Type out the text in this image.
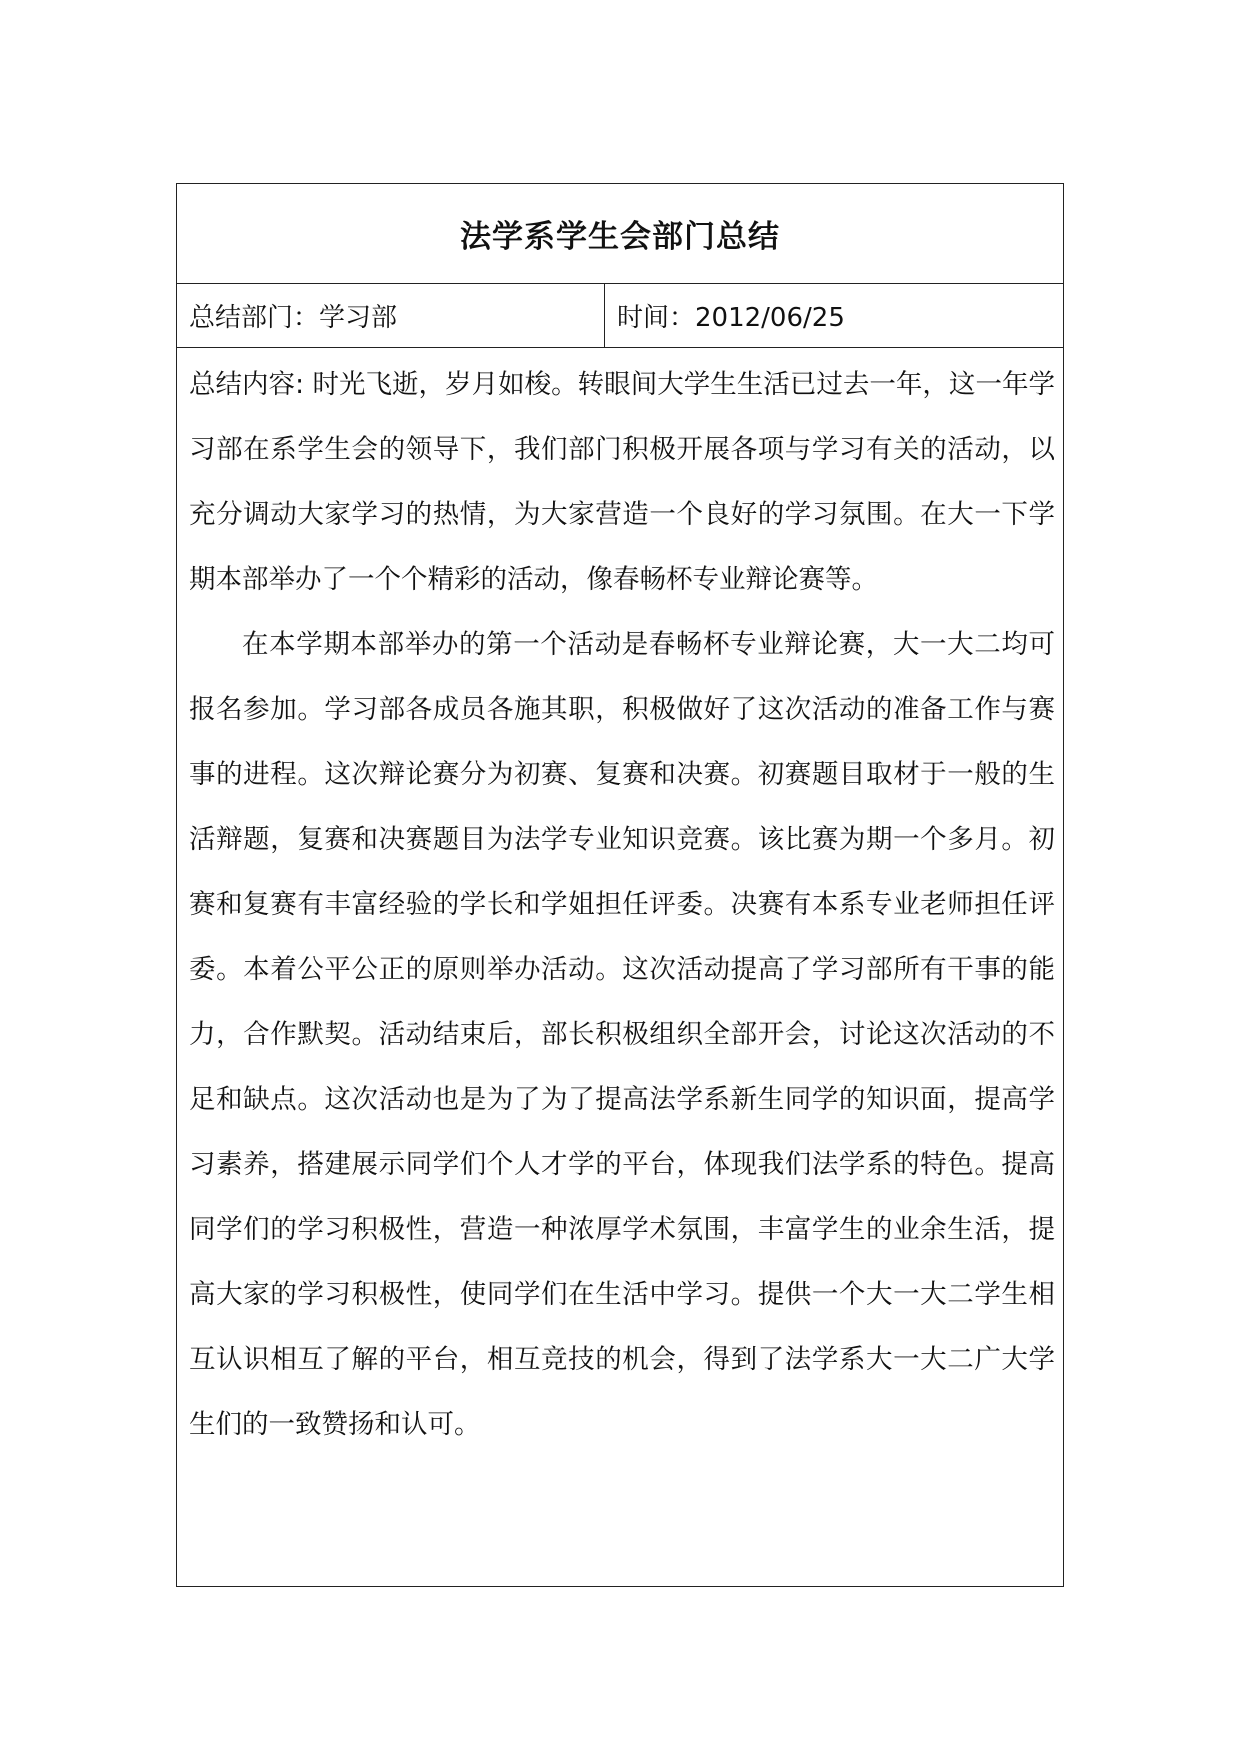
法学系学生会部门总结
总结部门：学习部	时间：2012/06/25

总结内容: 时光飞逝，岁月如梭。转眼间大学生生活已过去一年，这一年学习部在系学生会的领导下，我们部门积极开展各项与学习有关的活动，以充分调动大家学习的热情，为大家营造一个良好的学习氛围。在大一下学期本部举办了一个个精彩的活动，像春畅杯专业辩论赛等。

在本学期本部举办的第一个活动是春畅杯专业辩论赛，大一大二均可报名参加。学习部各成员各施其职，积极做好了这次活动的准备工作与赛事的进程。这次辩论赛分为初赛、复赛和决赛。初赛题目取材于一般的生活辩题，复赛和决赛题目为法学专业知识竞赛。该比赛为期一个多月。初赛和复赛有丰富经验的学长和学姐担任评委。决赛有本系专业老师担任评委。本着公平公正的原则举办活动。这次活动提高了学习部所有干事的能力，合作默契。活动结束后，部长积极组织全部开会，讨论这次活动的不足和缺点。这次活动也是为了为了提高法学系新生同学的知识面，提高学习素养，搭建展示同学们个人才学的平台，体现我们法学系的特色。提高同学们的学习积极性，营造一种浓厚学术氛围，丰富学生的业余生活，提高大家的学习积极性，使同学们在生活中学习。提供一个大一大二学生相互认识相互了解的平台，相互竞技的机会，得到了法学系大一大二广大学生们的一致赞扬和认可。
